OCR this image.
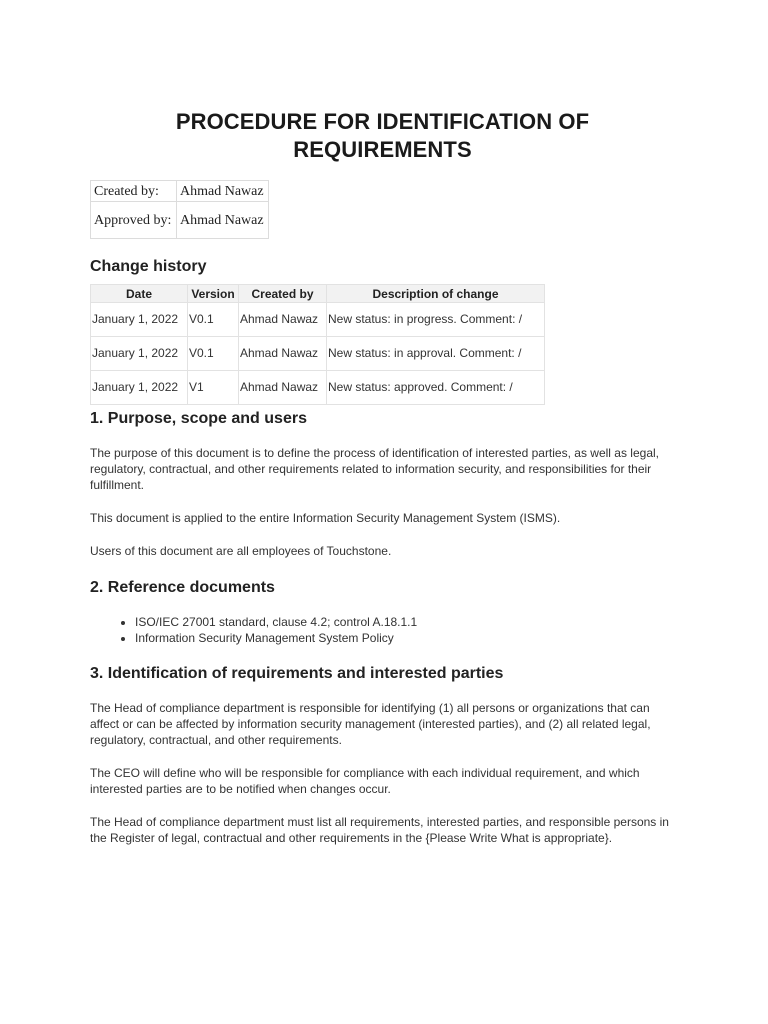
PROCEDURE FOR IDENTIFICATION OF REQUIREMENTS
Created by:	Ahmad Nawaz
Approved by:	Ahmad Nawaz
Change history
Date	Version	Created by	Description of change
January 1, 2022	V0.1	Ahmad Nawaz	New status: in progress. Comment: /
January 1, 2022	V0.1	Ahmad Nawaz	New status: in approval. Comment: /
January 1, 2022	V1	Ahmad Nawaz	New status: approved. Comment: /
1. Purpose, scope and users

The purpose of this document is to define the process of identification of interested parties, as well as legal, regulatory, contractual, and other requirements related to information security, and responsibilities for their fulfillment.

This document is applied to the entire Information Security Management System (ISMS).

Users of this document are all employees of Touchstone.

2. Reference documents
• ISO/IEC 27001 standard, clause 4.2; control A.18.1.1
• Information Security Management System Policy
3. Identification of requirements and interested parties

The Head of compliance department is responsible for identifying (1) all persons or organizations that can affect or can be affected by information security management (interested parties), and (2) all related legal, regulatory, contractual, and other requirements.

The CEO will define who will be responsible for compliance with each individual requirement, and which interested parties are to be notified when changes occur.

The Head of compliance department must list all requirements, interested parties, and responsible persons in the Register of legal, contractual and other requirements in the {Please Write What is appropriate}.
